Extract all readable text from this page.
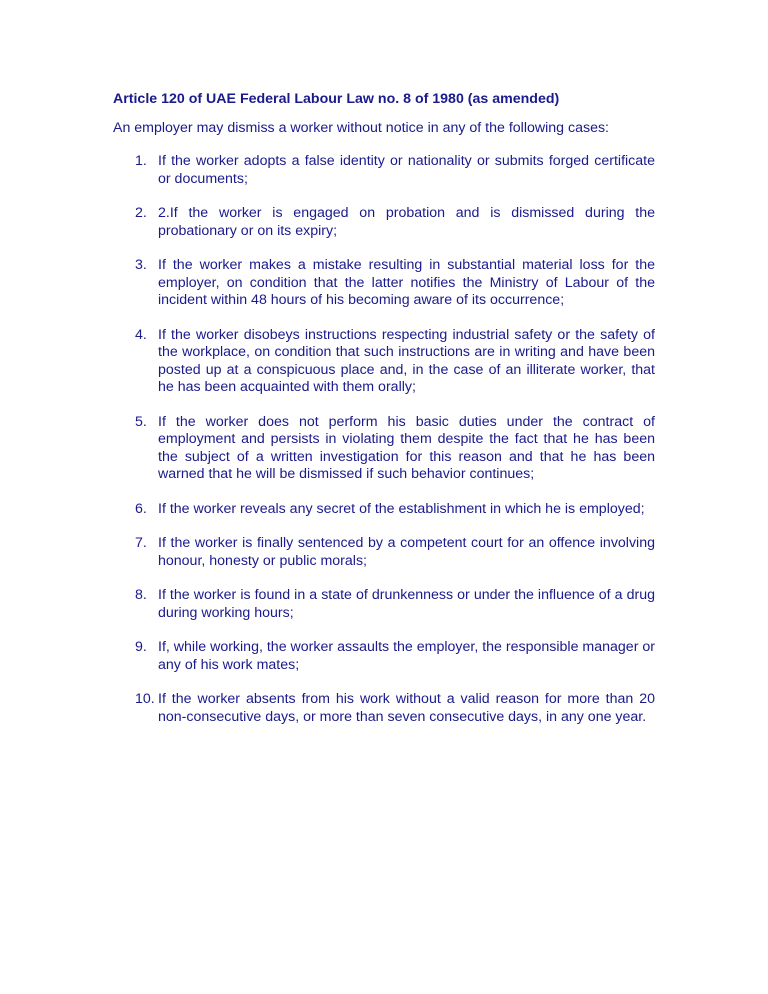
Article 120 of UAE Federal Labour Law no. 8 of 1980 (as amended)

An employer may dismiss a worker without notice in any of the following cases:

1. If the worker adopts a false identity or nationality or submits forged certificate or documents;
2. 2.If the worker is engaged on probation and is dismissed during the probationary or on its expiry;
3. If the worker makes a mistake resulting in substantial material loss for the employer, on condition that the latter notifies the Ministry of Labour of the incident within 48 hours of his becoming aware of its occurrence;
4. If the worker disobeys instructions respecting industrial safety or the safety of the workplace, on condition that such instructions are in writing and have been posted up at a conspicuous place and, in the case of an illiterate worker, that he has been acquainted with them orally;
5. If the worker does not perform his basic duties under the contract of employment and persists in violating them despite the fact that he has been the subject of a written investigation for this reason and that he has been warned that he will be dismissed if such behavior continues;
6. If the worker reveals any secret of the establishment in which he is employed;
7. If the worker is finally sentenced by a competent court for an offence involving honour, honesty or public morals;
8. If the worker is found in a state of drunkenness or under the influence of a drug during working hours;
9. If, while working, the worker assaults the employer, the responsible manager or any of his work mates;
10. If the worker absents from his work without a valid reason for more than 20 non-consecutive days, or more than seven consecutive days, in any one year.
